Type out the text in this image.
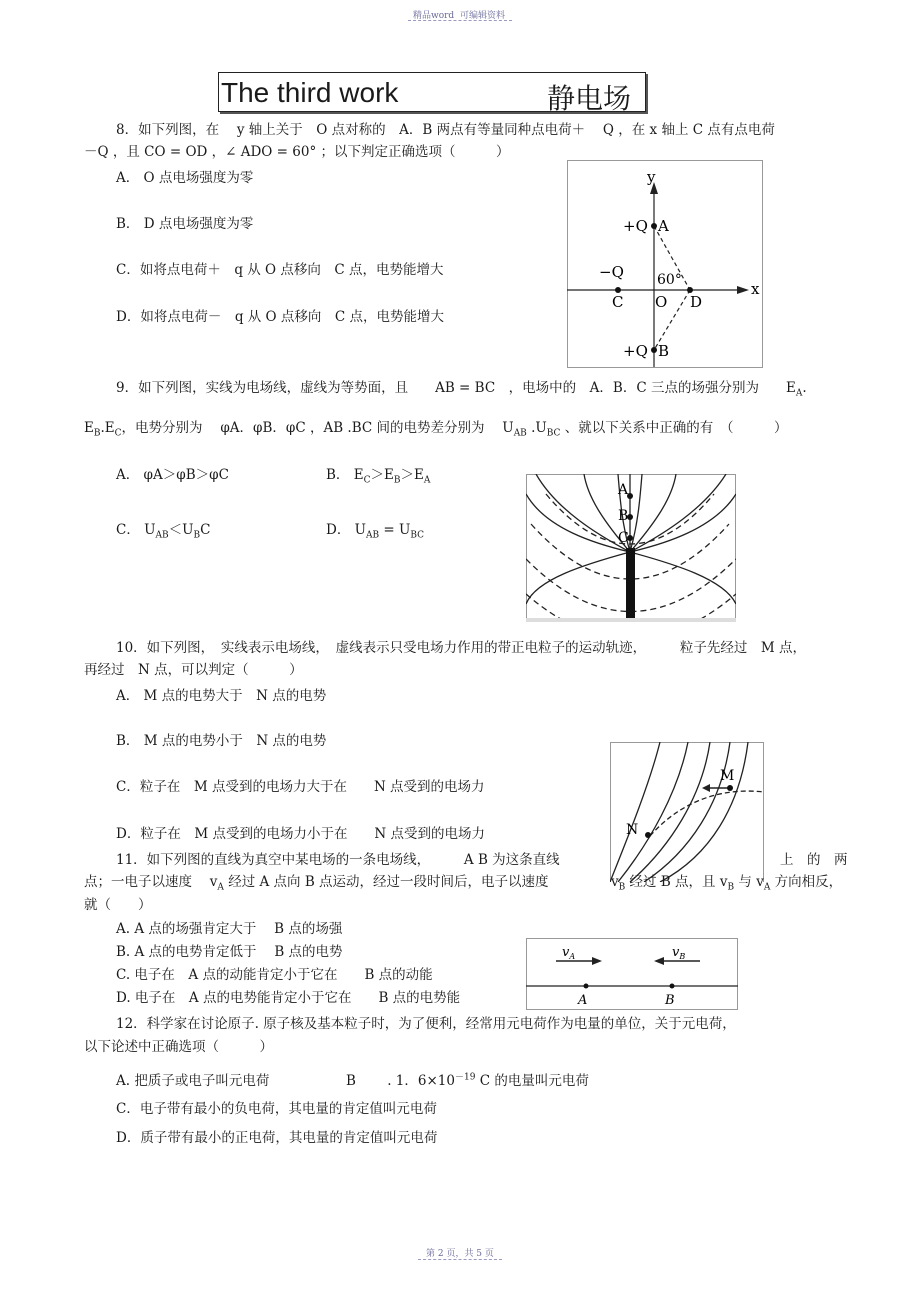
精品word 可编辑资料
The third work	静电场
8．如下列图，在　 y 轴上关于　O 点对称的　A．B 两点有等量同种点电荷＋　 Q ，在 x 轴上 C 点有点电荷
－Q ，且 CO = OD ，∠ ADO = 60° ；以下判定正确选项（　　　）
A． O 点电场强度为零
B． D 点电场强度为零
C．如将点电荷＋　q 从 O 点移向　C 点，电势能增大
D．如将点电荷－　q 从 O 点移向　C 点，电势能增大
y
x
+Q A
−Q 60°
C O D
+Q B
9．如下列图，实线为电场线，虚线为等势面，且　　AB = BC　，电场中的　A．B．C 三点的场强分别为　　$E_A$.
$E_B.E_C$，电势分别为　 φA．φB．φC ，AB .BC 间的电势差分别为　 $U_{AB}$ $.U_{BC}$ 、就以下关系中正确的有　（　　　）
A． φA＞φB＞φC	B． $E_C>E_B>E_A$
C． $U_{AB}<U_BC$	D． $U_{AB} = U_{BC}$
A
B
C
10．如下列图，　实线表示电场线，　虚线表示只受电场力作用的带正电粒子的运动轨迹，　　　粒子先经过　M 点，
再经过　N 点，可以判定（　　　）
A． M 点的电势大于　N 点的电势
B． M 点的电势小于　N 点的电势
C．粒子在　M 点受到的电场力大于在　　N 点受到的电场力
D．粒子在　M 点受到的电场力小于在　　N 点受到的电场力
M
N
11．如下列图的直线为真空中某电场的一条电场线，　　　A B 为这条直线	上　的　两
点；一电子以速度　 $v_A$ 经过 A 点向 B 点运动，经过一段时间后，电子以速度	$v_B$ 经过 B 点，且 $v_B$ 与 $v_A$ 方向相反，
就（　　）
A. A 点的场强肯定大于　 B 点的场强
B. A 点的电势肯定低于　 B 点的电势
C. 电子在　A 点的动能肯定小于它在　　B 点的动能
D. 电子在　A 点的电势能肯定小于它在　　B 点的电势能
$v_A$	$v_B$
A	B
12．科学家在讨论原子. 原子核及基本粒子时，为了便利，经常用元电荷作为电量的单位，关于元电荷，
以下论述中正确选项（　　　）
A. 把质子或电子叫元电荷	B　　 . 1．$6\times 10^{-19}$ C 的电量叫元电荷
C．电子带有最小的负电荷，其电量的肯定值叫元电荷
D．质子带有最小的正电荷，其电量的肯定值叫元电荷
第 2 页，共 5 页
